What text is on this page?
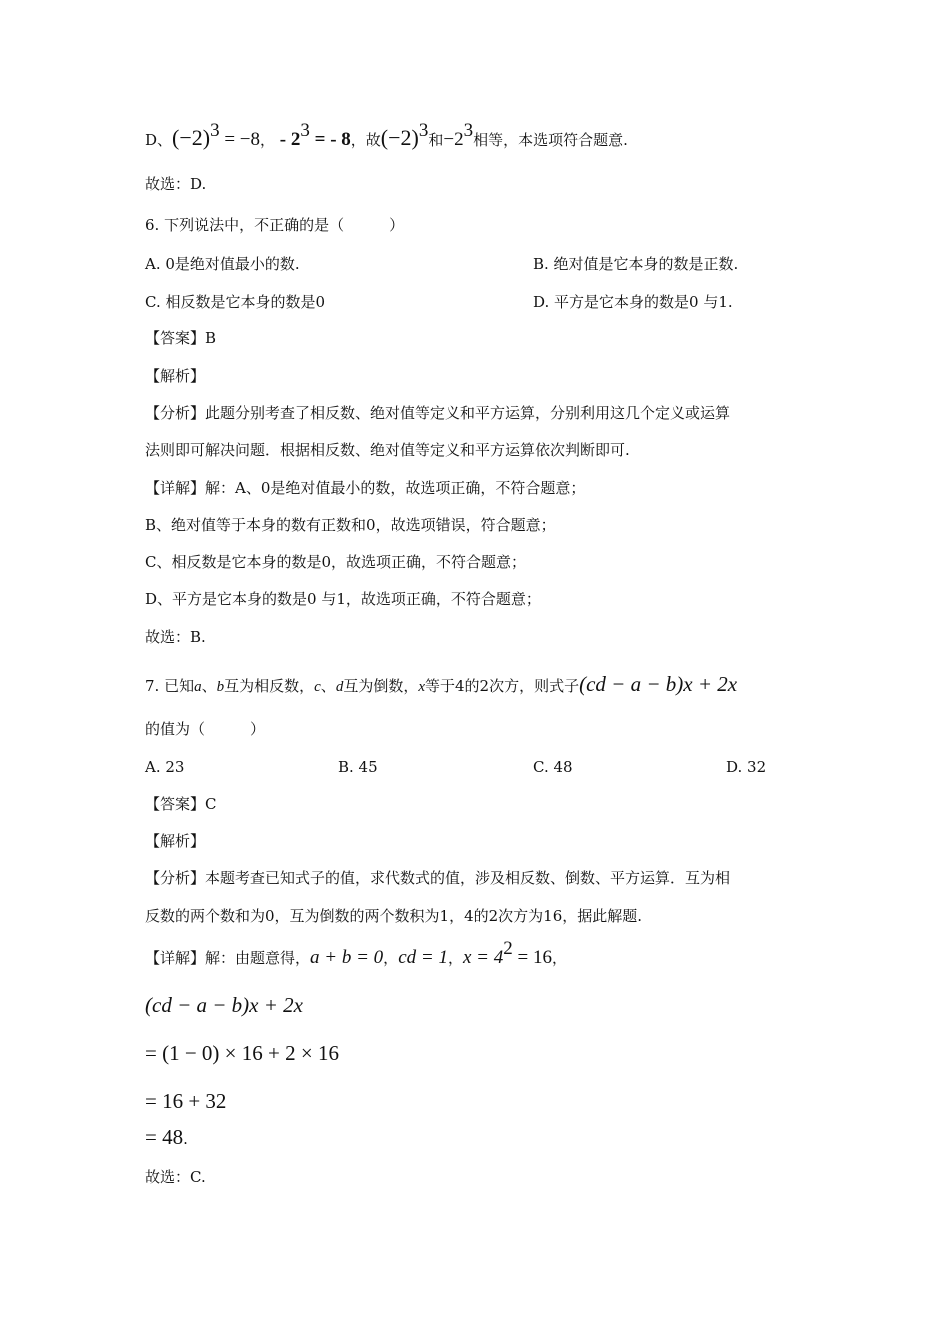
D、$(-2)^3 = -8$， - $2^3$ = - 8，故$(-2)^3$和$-2^3$相等，本选项符合题意.
故选：D.
6. 下列说法中，不正确的是（　　　）
A. 0是绝对值最小的数.	B. 绝对值是它本身的数是正数.
C. 相反数是它本身的数是0	D. 平方是它本身的数是0 与1.
【答案】B
【解析】
【分析】此题分别考查了相反数、绝对值等定义和平方运算，分别利用这几个定义或运算
法则即可解决问题．根据相反数、绝对值等定义和平方运算依次判断即可.
【详解】解：A、0是绝对值最小的数，故选项正确，不符合题意；
B、绝对值等于本身的数有正数和0，故选项错误，符合题意；
C、相反数是它本身的数是0，故选项正确，不符合题意；
D、平方是它本身的数是0 与1，故选项正确，不符合题意；
故选：B.
7. 已知a、b互为相反数，c、d互为倒数，x等于4的2次方，则式子(cd − a − b)x + 2x
的值为（　　　）
A. 23	B. 45	C. 48	D. 32
【答案】C
【解析】
【分析】本题考查已知式子的值，求代数式的值，涉及相反数、倒数、平方运算．互为相
反数的两个数和为0，互为倒数的两个数积为1，4的2次方为16，据此解题.
【详解】解：由题意得，a + b = 0，cd = 1，$x = 4^2 = 16$，
(cd − a − b)x + 2x
= (1 − 0) × 16 + 2 × 16
= 16 + 32
= 48.
故选：C.
